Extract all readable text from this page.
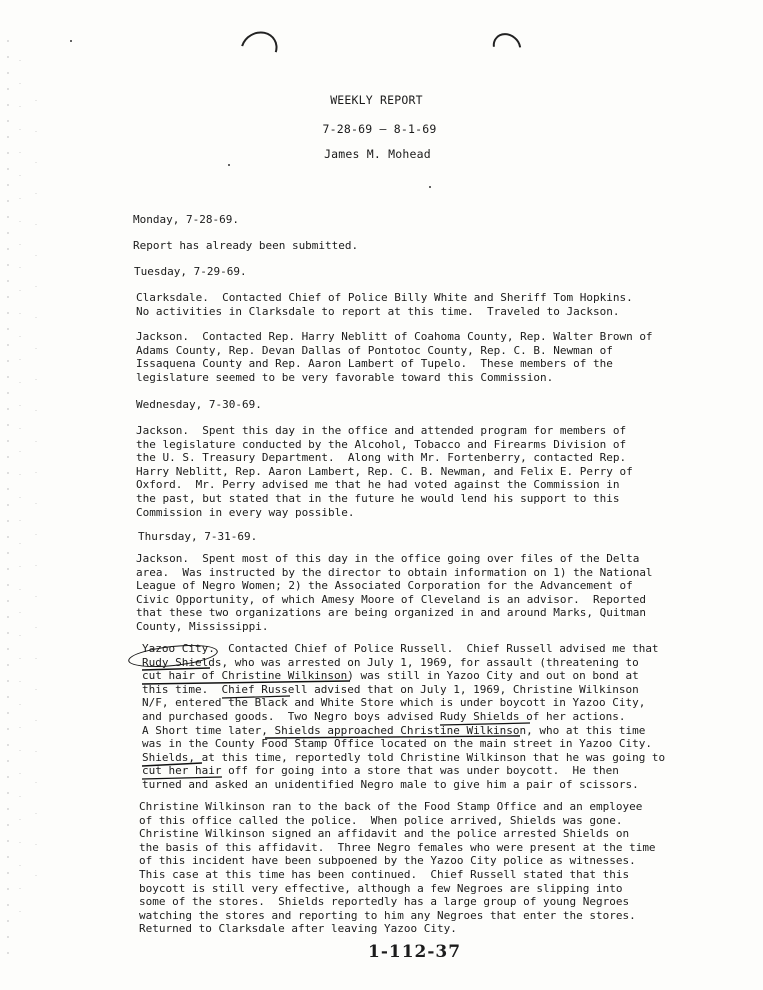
WEEKLY REPORT
7-28-69 — 8-1-69
James M. Mohead
Monday, 7-28-69.
Report has already been submitted.
Tuesday, 7-29-69.
Clarksdale.  Contacted Chief of Police Billy White and Sheriff Tom Hopkins.
No activities in Clarksdale to report at this time.  Traveled to Jackson.
Jackson.  Contacted Rep. Harry Neblitt of Coahoma County, Rep. Walter Brown of
Adams County, Rep. Devan Dallas of Pontotoc County, Rep. C. B. Newman of
Issaquena County and Rep. Aaron Lambert of Tupelo.  These members of the
legislature seemed to be very favorable toward this Commission.
Wednesday, 7-30-69.
Jackson.  Spent this day in the office and attended program for members of
the legislature conducted by the Alcohol, Tobacco and Firearms Division of
the U. S. Treasury Department.  Along with Mr. Fortenberry, contacted Rep.
Harry Neblitt, Rep. Aaron Lambert, Rep. C. B. Newman, and Felix E. Perry of
Oxford.  Mr. Perry advised me that he had voted against the Commission in
the past, but stated that in the future he would lend his support to this
Commission in every way possible.
Thursday, 7-31-69.
Jackson.  Spent most of this day in the office going over files of the Delta
area.  Was instructed by the director to obtain information on 1) the National
League of Negro Women; 2) the Associated Corporation for the Advancement of
Civic Opportunity, of which Amesy Moore of Cleveland is an advisor.  Reported
that these two organizations are being organized in and around Marks, Quitman
County, Mississippi.
Yazoo City.  Contacted Chief of Police Russell.  Chief Russell advised me that
Rudy Shields, who was arrested on July 1, 1969, for assault (threatening to
cut hair of Christine Wilkinson) was still in Yazoo City and out on bond at
this time.  Chief Russell advised that on July 1, 1969, Christine Wilkinson
N/F, entered the Black and White Store which is under boycott in Yazoo City,
and purchased goods.  Two Negro boys advised Rudy Shields of her actions.
A Short time later, Shields approached Christine Wilkinson, who at this time
was in the County Food Stamp Office located on the main street in Yazoo City.
Shields, at this time, reportedly told Christine Wilkinson that he was going to
cut her hair off for going into a store that was under boycott.  He then
turned and asked an unidentified Negro male to give him a pair of scissors.
Christine Wilkinson ran to the back of the Food Stamp Office and an employee
of this office called the police.  When police arrived, Shields was gone.
Christine Wilkinson signed an affidavit and the police arrested Shields on
the basis of this affidavit.  Three Negro females who were present at the time
of this incident have been subpoened by the Yazoo City police as witnesses.
This case at this time has been continued.  Chief Russell stated that this
boycott is still very effective, although a few Negroes are slipping into
some of the stores.  Shields reportedly has a large group of young Negroes
watching the stores and reporting to him any Negroes that enter the stores.
Returned to Clarksdale after leaving Yazoo City.
1-112-37
